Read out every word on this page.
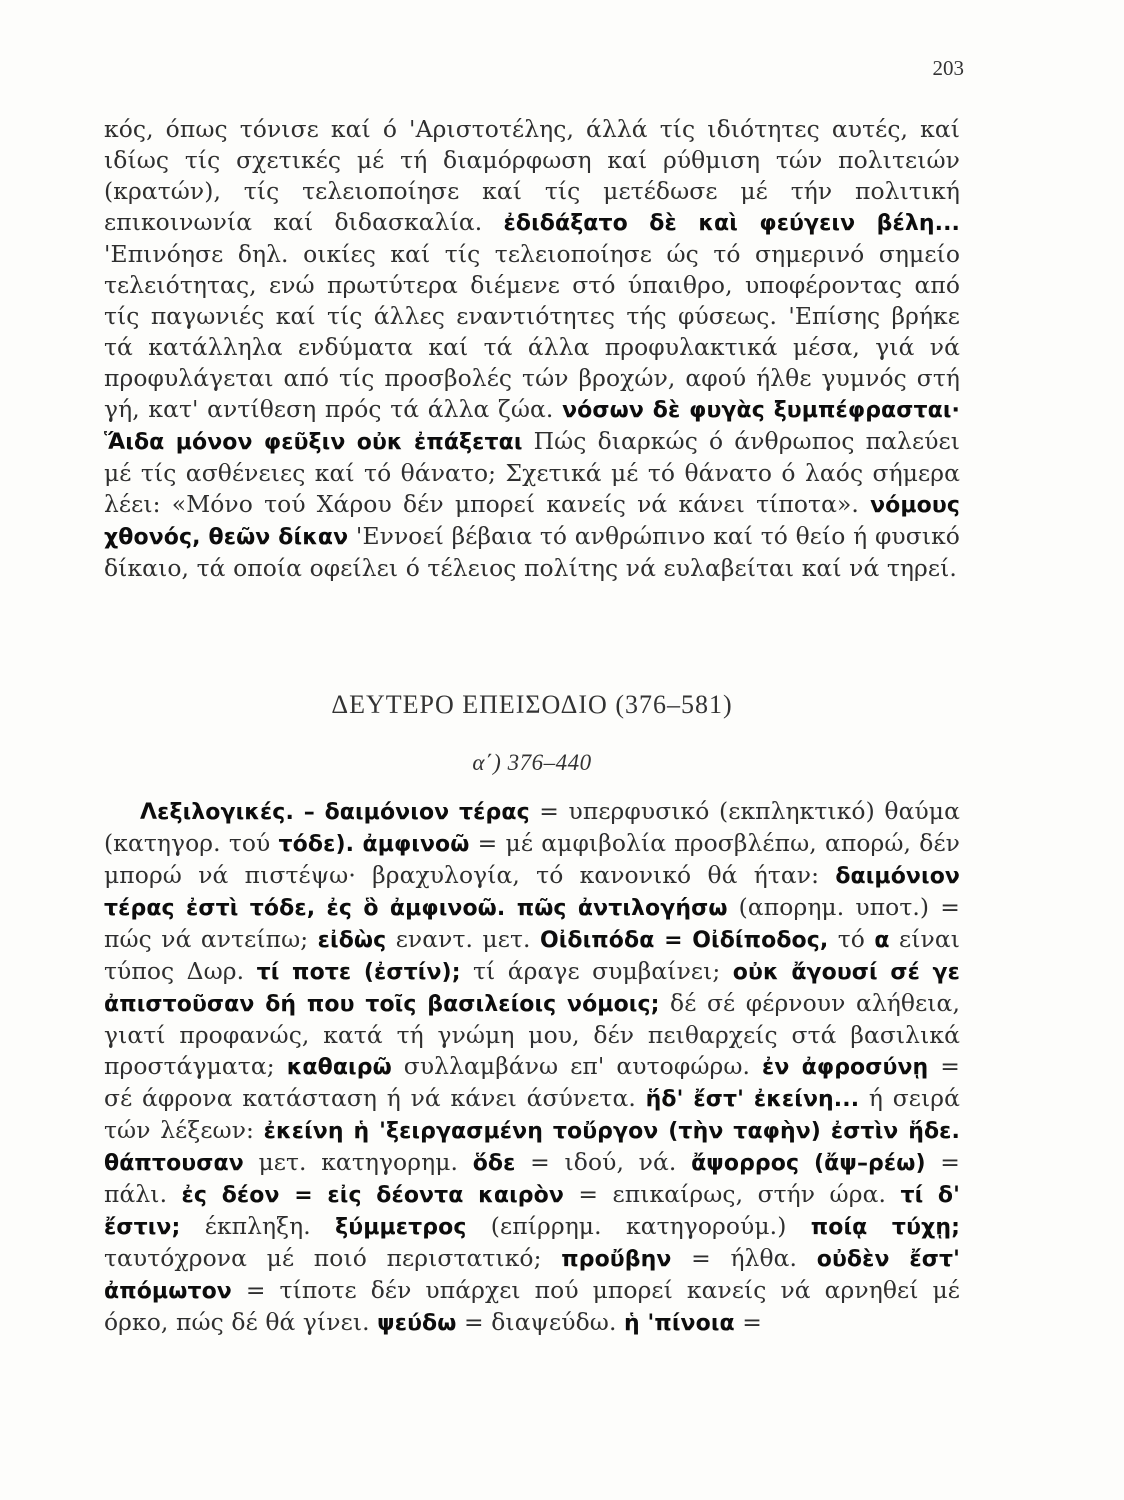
203
κός, όπως τόνισε καί ό 'Αριστοτέλης, άλλά τίς ιδιότητες αυτές, καί ιδίως τίς σχετικές μέ τή διαμόρφωση καί ρύθμιση τών πολιτειών (κρατών), τίς τελειοποίησε καί τίς μετέδωσε μέ τήν πολιτική επικοινωνία καί διδασκαλία. ἐδιδάξατο δὲ καὶ φεύγειν βέλη... 'Επινόησε δηλ. οικίες καί τίς τελειοποίησε ώς τό σημερινό σημείο τελειότητας, ενώ πρωτύτερα διέμενε στό ύπαιθρο, υποφέροντας από τίς παγωνιές καί τίς άλλες εναντιότητες τής φύσεως. 'Επίσης βρήκε τά κατάλληλα ενδύματα καί τά άλλα προφυλακτικά μέσα, γιά νά προφυλάγεται από τίς προσβολές τών βροχών, αφού ήλθε γυμνός στή γή, κατ' αντίθεση πρός τά άλλα ζώα. νόσων δὲ φυγὰς ξυμπέφρασται· Ἅιδα μόνον φεῦξιν οὐκ ἐπάξεται Πώς διαρκώς ό άνθρωπος παλεύει μέ τίς ασθένειες καί τό θάνατο; Σχετικά μέ τό θάνατο ό λαός σήμερα λέει: «Μόνο τού Χάρου δέν μπορεί κανείς νά κάνει τίποτα». νόμους χθονός, θεῶν δίκαν 'Εννοεί βέβαια τό ανθρώπινο καί τό θείο ή φυσικό δίκαιο, τά οποία οφείλει ό τέλειος πολίτης νά ευλαβείται καί νά τηρεί.
ΔΕΥΤΕΡΟ ΕΠΕΙΣΟΔΙΟ (376–581)
α΄) 376–440
Λεξιλογικές. – δαιμόνιον τέρας = υπερφυσικό (εκπληκτικό) θαύμα (κατηγορ. τού τόδε). ἀμφινοῶ = μέ αμφιβολία προσβλέπω, απορώ, δέν μπορώ νά πιστέψω· βραχυλογία, τό κανονικό θά ήταν: δαιμόνιον τέρας ἐστὶ τόδε, ἐς ὃ ἀμφινοῶ. πῶς ἀντιλογήσω (απορημ. υποτ.) = πώς νά αντείπω; εἰδὼς εναντ. μετ. Οἰδιπόδα = Οἰδίποδος, τό α είναι τύπος Δωρ. τί ποτε (ἐστίν); τί άραγε συμβαίνει; οὐκ ἄγουσί σέ γε ἀπιστοῦσαν δή που τοῖς βασιλείοις νόμοις; δέ σέ φέρνουν αλήθεια, γιατί προφανώς, κατά τή γνώμη μου, δέν πειθαρχείς στά βασιλικά προστάγματα; καθαιρῶ συλλαμβάνω επ' αυτοφώρω. ἐν ἀφροσύνῃ = σέ άφρονα κατάσταση ή νά κάνει άσύνετα. ἥδ' ἔστ' ἐκείνη... ή σειρά τών λέξεων: ἐκείνη ἡ 'ξειργασμένη τοὔργον (τὴν ταφὴν) ἐστὶν ἥδε. θάπτουσαν μετ. κατηγορημ. ὅδε = ιδού, νά. ἄψορρος (ἄψ–ρέω) = πάλι. ἐς δέον = εἰς δέοντα καιρὸν = επικαίρως, στήν ώρα. τί δ' ἔστιν; έκπληξη. ξύμμετρος (επίρρημ. κατηγορούμ.) ποίᾳ τύχῃ; ταυτόχρονα μέ ποιό περιστατικό; προὔβην = ήλθα. οὐδὲν ἔστ' ἀπόμωτον = τίποτε δέν υπάρχει πού μπορεί κανείς νά αρνηθεί μέ όρκο, πώς δέ θά γίνει. ψεύδω = διαψεύδω. ἡ 'πίνοια =
